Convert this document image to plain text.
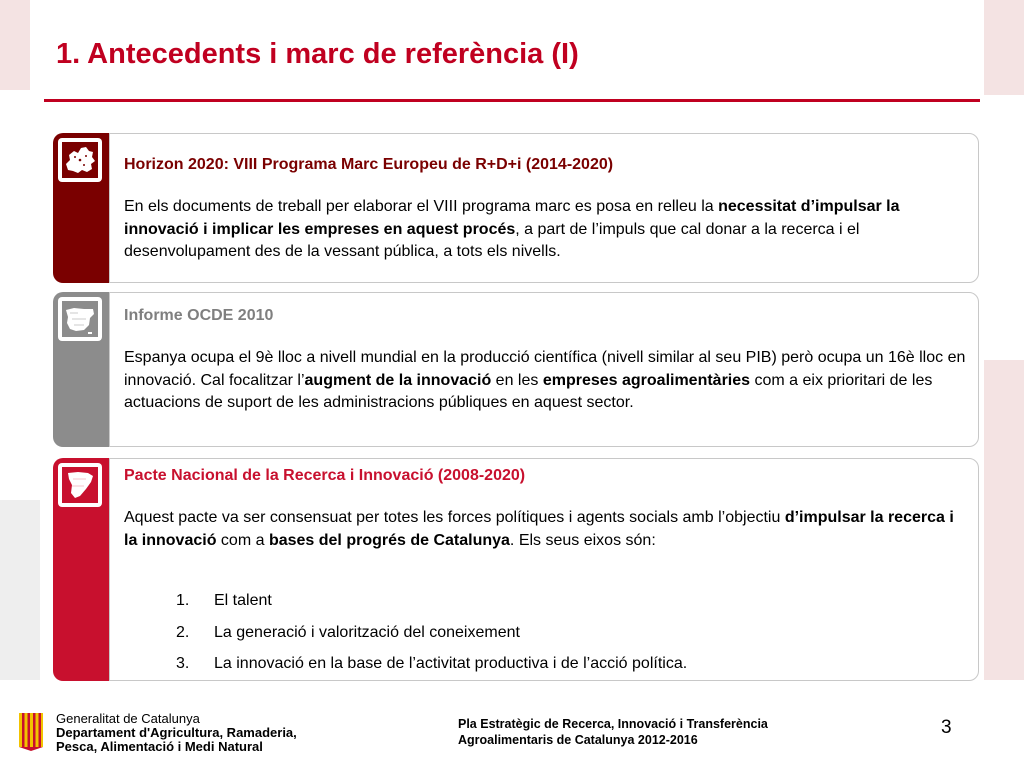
1. Antecedents i marc de referència (I)
Horizon 2020: VIII Programa Marc Europeu de R+D+i (2014-2020)
En els documents de treball per elaborar el VIII programa marc es posa en relleu la necessitat d’impulsar la innovació i implicar les empreses en aquest procés, a part de l’impuls que cal donar a la recerca i el desenvolupament des de la vessant pública, a tots els nivells.
Informe OCDE 2010
Espanya ocupa el 9è lloc a nivell mundial en la producció científica (nivell similar al seu PIB) però ocupa un 16è lloc en innovació. Cal focalitzar l’augment de la innovació en les empreses agroalimentàries com a eix prioritari de les actuacions de suport de les administracions públiques en aquest sector.
Pacte Nacional de la Recerca i Innovació (2008-2020)
Aquest pacte va ser consensuat per totes les forces polítiques i agents socials amb l’objectiu d’impulsar la recerca i la innovació com a bases del progrés de Catalunya. Els seus eixos són:
1. El talent
2. La generació i valorització del coneixement
3. La innovació en la base de l’activitat productiva i de l’acció política.
Generalitat de Catalunya
Departament d'Agricultura, Ramaderia,
Pesca, Alimentació i Medi Natural
Pla Estratègic de Recerca, Innovació i Transferència
Agroalimentaris de Catalunya 2012-2016
3
